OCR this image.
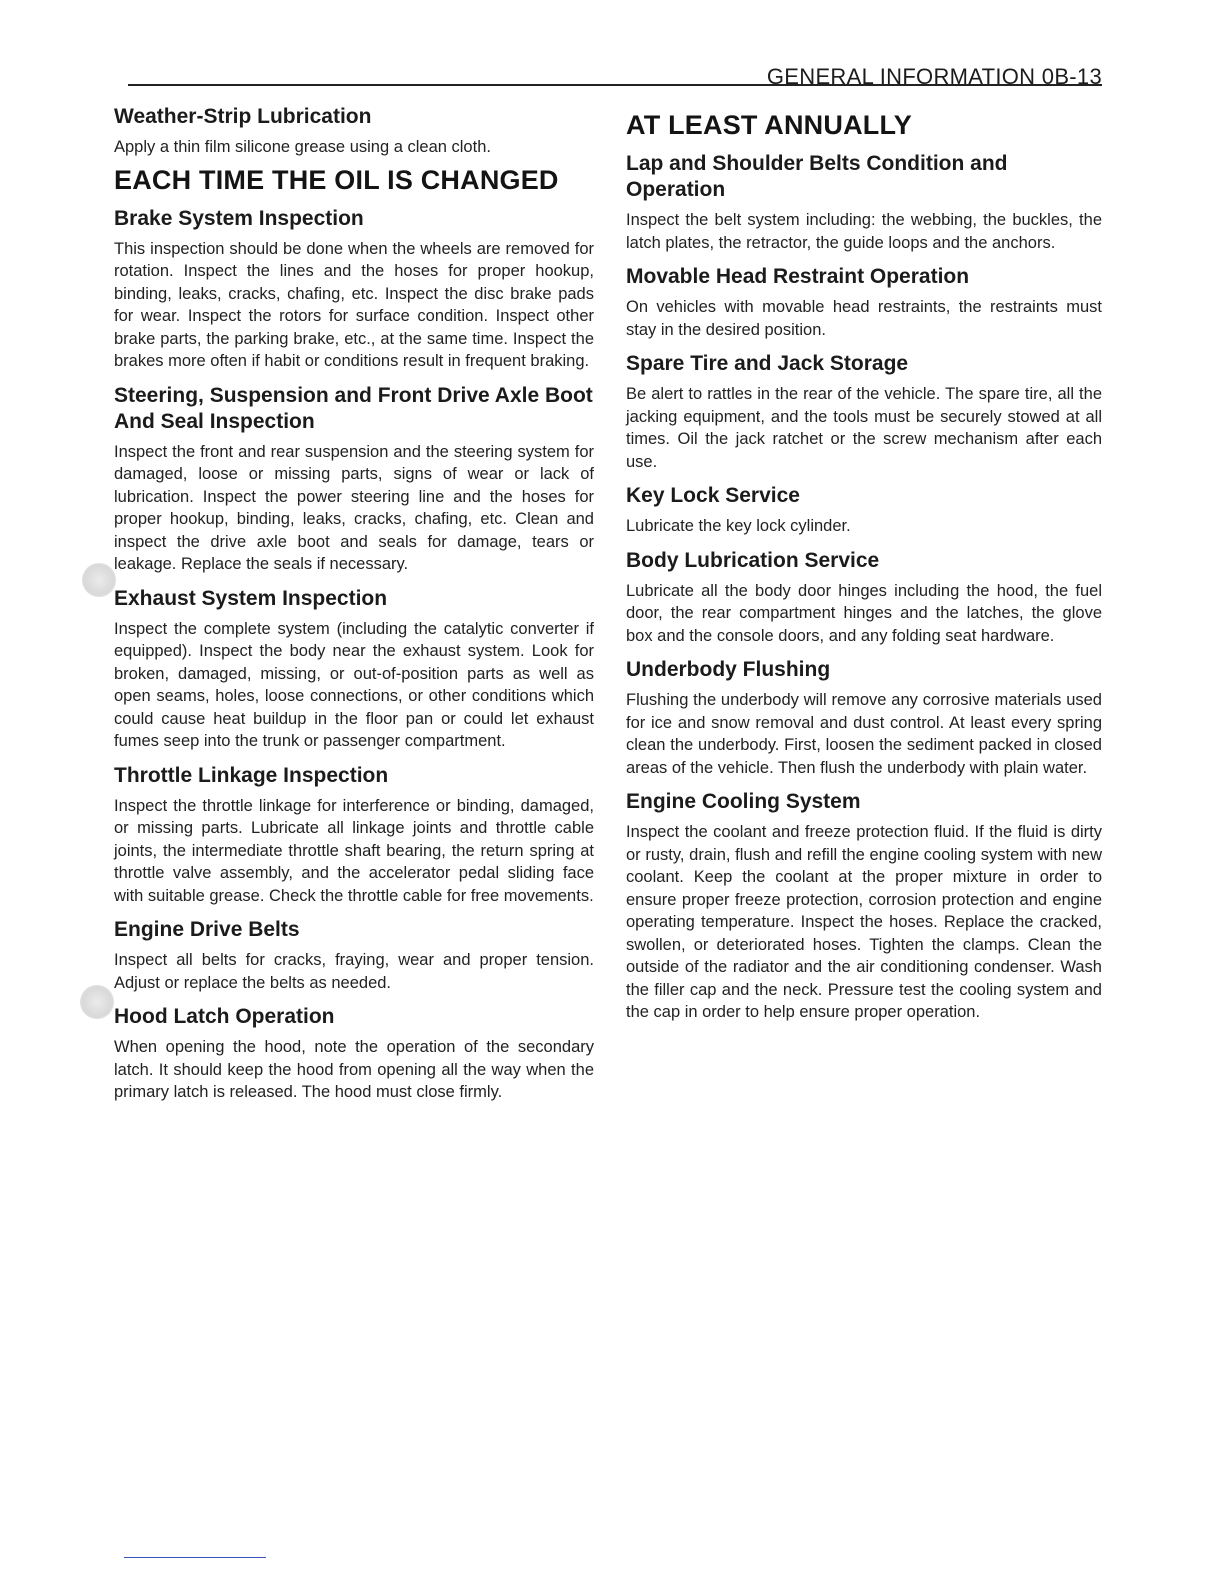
GENERAL INFORMATION 0B-13
Weather-Strip Lubrication
Apply a thin film silicone grease using a clean cloth.
EACH TIME THE OIL IS CHANGED
Brake System Inspection
This inspection should be done when the wheels are removed for rotation. Inspect the lines and the hoses for proper hookup, binding, leaks, cracks, chafing, etc. Inspect the disc brake pads for wear. Inspect the rotors for surface condition. Inspect other brake parts, the parking brake, etc., at the same time. Inspect the brakes more often if habit or conditions result in frequent braking.
Steering, Suspension and Front Drive Axle Boot And Seal Inspection
Inspect the front and rear suspension and the steering system for damaged, loose or missing parts, signs of wear or lack of lubrication. Inspect the power steering line and the hoses for proper hookup, binding, leaks, cracks, chafing, etc. Clean and inspect the drive axle boot and seals for damage, tears or leakage. Replace the seals if necessary.
Exhaust System Inspection
Inspect the complete system (including the catalytic converter if equipped). Inspect the body near the exhaust system. Look for broken, damaged, missing, or out-of-position parts as well as open seams, holes, loose connections, or other conditions which could cause heat buildup in the floor pan or could let exhaust fumes seep into the trunk or passenger compartment.
Throttle Linkage Inspection
Inspect the throttle linkage for interference or binding, damaged, or missing parts. Lubricate all linkage joints and throttle cable joints, the intermediate throttle shaft bearing, the return spring at throttle valve assembly, and the accelerator pedal sliding face with suitable grease. Check the throttle cable for free movements.
Engine Drive Belts
Inspect all belts for cracks, fraying, wear and proper tension. Adjust or replace the belts as needed.
Hood Latch Operation
When opening the hood, note the operation of the secondary latch. It should keep the hood from opening all the way when the primary latch is released. The hood must close firmly.
AT LEAST ANNUALLY
Lap and Shoulder Belts Condition and Operation
Inspect the belt system including: the webbing, the buckles, the latch plates, the retractor, the guide loops and the anchors.
Movable Head Restraint Operation
On vehicles with movable head restraints, the restraints must stay in the desired position.
Spare Tire and Jack Storage
Be alert to rattles in the rear of the vehicle. The spare tire, all the jacking equipment, and the tools must be securely stowed at all times. Oil the jack ratchet or the screw mechanism after each use.
Key Lock Service
Lubricate the key lock cylinder.
Body Lubrication Service
Lubricate all the body door hinges including the hood, the fuel door, the rear compartment hinges and the latches, the glove box and the console doors, and any folding seat hardware.
Underbody Flushing
Flushing the underbody will remove any corrosive materials used for ice and snow removal and dust control. At least every spring clean the underbody. First, loosen the sediment packed in closed areas of the vehicle. Then flush the underbody with plain water.
Engine Cooling System
Inspect the coolant and freeze protection fluid. If the fluid is dirty or rusty, drain, flush and refill the engine cooling system with new coolant. Keep the coolant at the proper mixture in order to ensure proper freeze protection, corrosion protection and engine operating temperature. Inspect the hoses. Replace the cracked, swollen, or deteriorated hoses. Tighten the clamps. Clean the outside of the radiator and the air conditioning condenser. Wash the filler cap and the neck. Pressure test the cooling system and the cap in order to help ensure proper operation.
